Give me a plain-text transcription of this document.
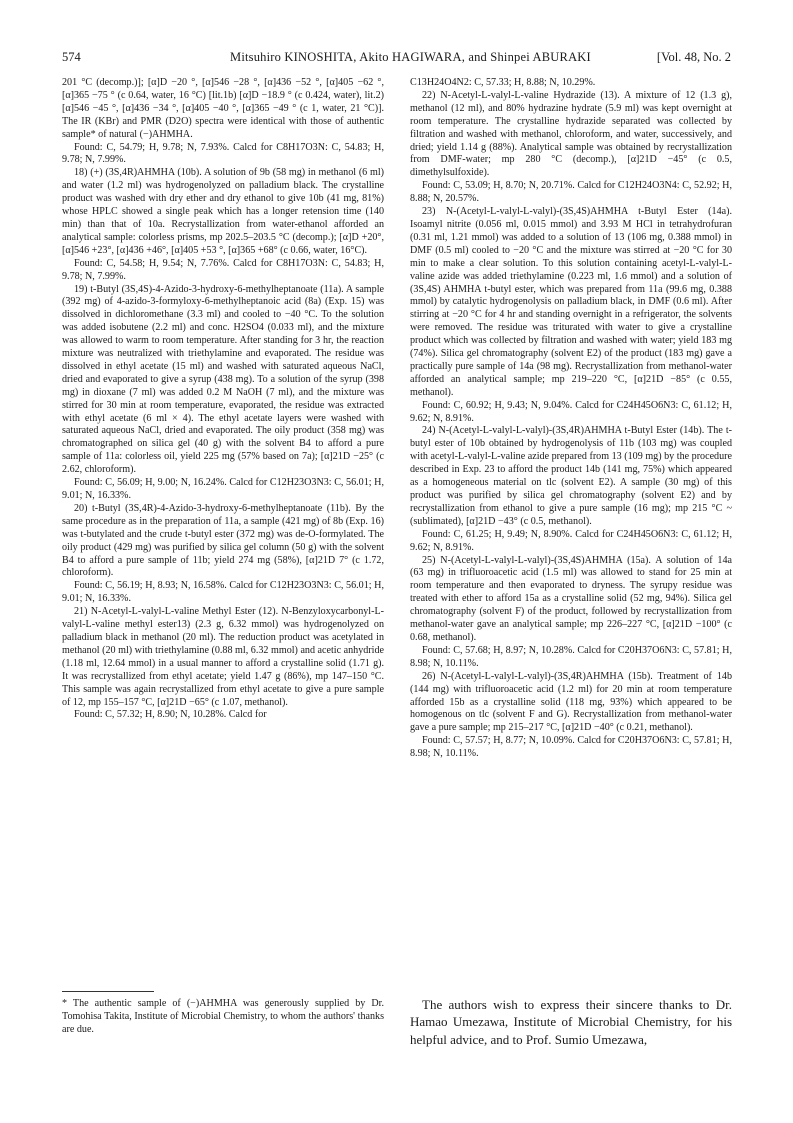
574	Mitsuhiro KINOSHITA, Akito HAGIWARA, and Shinpei ABURAKI	[Vol. 48, No. 2

201 °C (decomp.)]; [α]D −20 °, [α]546 −28 °, [α]436 −52 °, [α]405 −62 °, [α]365 −75 ° (c 0.64, water, 16 °C) [lit.1b) [α]D −18.9 ° (c 0.424, water), lit.2) [α]546 −45 °, [α]436 −34 °, [α]405 −40 °, [α]365 −49 ° (c 1, water, 21 °C)]. The IR (KBr) and PMR (D2O) spectra were identical with those of authentic sample* of natural (−)AHMHA.

Found: C, 54.79; H, 9.78; N, 7.93%. Calcd for C8H17O3N: C, 54.83; H, 9.78; N, 7.99%.

18) (+) (3S,4R)AHMHA (10b). A solution of 9b (58 mg) in methanol (6 ml) and water (1.2 ml) was hydrogenolyzed on palladium black. The crystalline product was washed with dry ether and dry ethanol to give 10b (41 mg, 81%) whose HPLC showed a single peak which has a longer retension time (140 min) than that of 10a. Recrystallization from water-ethanol afforded an analytical sample: colorless prisms, mp 202.5–203.5 °C (decomp.); [α]D +20°, [α]546 +23°, [α]436 +46°, [α]405 +53 °, [α]365 +68° (c 0.66, water, 16°C).

Found: C, 54.58; H, 9.54; N, 7.76%. Calcd for C8H17O3N: C, 54.83; H, 9.78; N, 7.99%.

19) t-Butyl (3S,4S)-4-Azido-3-hydroxy-6-methylheptanoate (11a). A sample (392 mg) of 4-azido-3-formyloxy-6-methylheptanoic acid (8a) (Exp. 15) was dissolved in dichloromethane (3.3 ml) and cooled to −40 °C. To the solution was added isobutene (2.2 ml) and conc. H2SO4 (0.033 ml), and the mixture was allowed to warm to room temperature. After standing for 3 hr, the reaction mixture was neutralized with triethylamine and evaporated. The residue was dissolved in ethyl acetate (15 ml) and washed with saturated aqueous NaCl, dried and evaporated to give a syrup (438 mg). To a solution of the syrup (398 mg) in dioxane (7 ml) was added 0.2 M NaOH (7 ml), and the mixture was stirred for 30 min at room temperature, evaporated, the residue was extracted with ethyl acetate (6 ml × 4). The ethyl acetate layers were washed with saturated aqueous NaCl, dried and evaporated. The oily product (358 mg) was chromatographed on silica gel (40 g) with the solvent B4 to afford a pure sample of 11a: colorless oil, yield 225 mg (57% based on 7a); [α]21D −25° (c 2.62, chloroform).

Found: C, 56.09; H, 9.00; N, 16.24%. Calcd for C12H23O3N3: C, 56.01; H, 9.01; N, 16.33%.

20) t-Butyl (3S,4R)-4-Azido-3-hydroxy-6-methylheptanoate (11b). By the same procedure as in the preparation of 11a, a sample (421 mg) of 8b (Exp. 16) was t-butylated and the crude t-butyl ester (372 mg) was de-O-formylated. The oily product (429 mg) was purified by silica gel column (50 g) with the solvent B4 to afford a pure sample of 11b; yield 274 mg (58%), [α]21D 7° (c 1.72, chloroform).

Found: C, 56.19; H, 8.93; N, 16.58%. Calcd for C12H23O3N3: C, 56.01; H, 9.01; N, 16.33%.

21) N-Acetyl-L-valyl-L-valine Methyl Ester (12). N-Benzyloxycarbonyl-L-valyl-L-valine methyl ester13) (2.3 g, 6.32 mmol) was hydrogenolyzed on palladium black in methanol (20 ml). The reduction product was acetylated in methanol (20 ml) with triethylamine (0.88 ml, 6.32 mmol) and acetic anhydride (1.18 ml, 12.64 mmol) in a usual manner to afford a crystalline solid (1.71 g). It was recrystallized from ethyl acetate; yield 1.47 g (86%), mp 147–150 °C. This sample was again recrystallized from ethyl acetate to give a pure sample of 12, mp 155–157 °C, [α]21D −65° (c 1.07, methanol).

Found: C, 57.32; H, 8.90; N, 10.28%. Calcd for

C13H24O4N2: C, 57.33; H, 8.88; N, 10.29%.

22) N-Acetyl-L-valyl-L-valine Hydrazide (13). A mixture of 12 (1.3 g), methanol (12 ml), and 80% hydrazine hydrate (5.9 ml) was kept overnight at room temperature. The crystalline hydrazide separated was collected by filtration and washed with methanol, chloroform, and water, successively, and dried; yield 1.14 g (88%). Analytical sample was obtained by recrystallization from DMF-water; mp 280 °C (decomp.), [α]21D −45° (c 0.5, dimethylsulfoxide).

Found: C, 53.09; H, 8.70; N, 20.71%. Calcd for C12H24O3N4: C, 52.92; H, 8.88; N, 20.57%.

23) N-(Acetyl-L-valyl-L-valyl)-(3S,4S)AHMHA t-Butyl Ester (14a). Isoamyl nitrite (0.056 ml, 0.015 mmol) and 3.93 M HCl in tetrahydrofuran (0.31 ml, 1.21 mmol) was added to a solution of 13 (106 mg, 0.388 mmol) in DMF (0.5 ml) cooled to −20 °C and the mixture was stirred at −20 °C for 30 min to make a clear solution. To this solution containing acetyl-L-valyl-L-valine azide was added triethylamine (0.223 ml, 1.6 mmol) and a solution of (3S,4S) AHMHA t-butyl ester, which was prepared from 11a (99.6 mg, 0.388 mmol) by catalytic hydrogenolysis on palladium black, in DMF (0.6 ml). After stirring at −20 °C for 4 hr and standing overnight in a refrigerator, the solvents were removed. The residue was triturated with water to give a crystalline product which was collected by filtration and washed with water; yield 183 mg (74%). Silica gel chromatography (solvent E2) of the product (183 mg) gave a practically pure sample of 14a (98 mg). Recrystallization from methanol-water afforded an analytical sample; mp 219–220 °C, [α]21D −85° (c 0.55, methanol).

Found: C, 60.92; H, 9.43; N, 9.04%. Calcd for C24H45O6N3: C, 61.12; H, 9.62; N, 8.91%.

24) N-(Acetyl-L-valyl-L-valyl)-(3S,4R)AHMHA t-Butyl Ester (14b). The t-butyl ester of 10b obtained by hydrogenolysis of 11b (103 mg) was coupled with acetyl-L-valyl-L-valine azide prepared from 13 (109 mg) by the procedure described in Exp. 23 to afford the product 14b (141 mg, 75%) which appeared as a homogeneous material on tlc (solvent E2). A sample (30 mg) of this product was purified by silica gel chromatography (solvent E2) and by recrystallization from ethanol to give a pure sample (16 mg); mp 215 °C ~ (sublimated), [α]21D −43° (c 0.5, methanol).

Found: C, 61.25; H, 9.49; N, 8.90%. Calcd for C24H45O6N3: C, 61.12; H, 9.62; N, 8.91%.

25) N-(Acetyl-L-valyl-L-valyl)-(3S,4S)AHMHA (15a). A solution of 14a (63 mg) in trifluoroacetic acid (1.5 ml) was allowed to stand for 25 min at room temperature and then evaporated to dryness. The syrupy residue was treated with ether to afford 15a as a crystalline solid (52 mg, 94%). Silica gel chromatography (solvent F) of the product, followed by recrystallization from methanol-water gave an analytical sample; mp 226–227 °C, [α]21D −100° (c 0.68, methanol).

Found: C, 57.68; H, 8.97; N, 10.28%. Calcd for C20H37O6N3: C, 57.81; H, 8.98; N, 10.11%.

26) N-(Acetyl-L-valyl-L-valyl)-(3S,4R)AHMHA (15b). Treatment of 14b (144 mg) with trifluoroacetic acid (1.2 ml) for 20 min at room temperature afforded 15b as a crystalline solid (118 mg, 93%) which appeared to be homogenous on tlc (solvent F and G). Recrystallization from methanol-water gave a pure sample; mp 215–217 °C, [α]21D −40° (c 0.21, methanol).

Found: C, 57.57; H, 8.77; N, 10.09%. Calcd for C20H37O6N3: C, 57.81; H, 8.98; N, 10.11%.

* The authentic sample of (−)AHMHA was generously supplied by Dr. Tomohisa Takita, Institute of Microbial Chemistry, to whom the authors' thanks are due.
The authors wish to express their sincere thanks to Dr. Hamao Umezawa, Institute of Microbial Chemistry, for his helpful advice, and to Prof. Sumio Umezawa,
